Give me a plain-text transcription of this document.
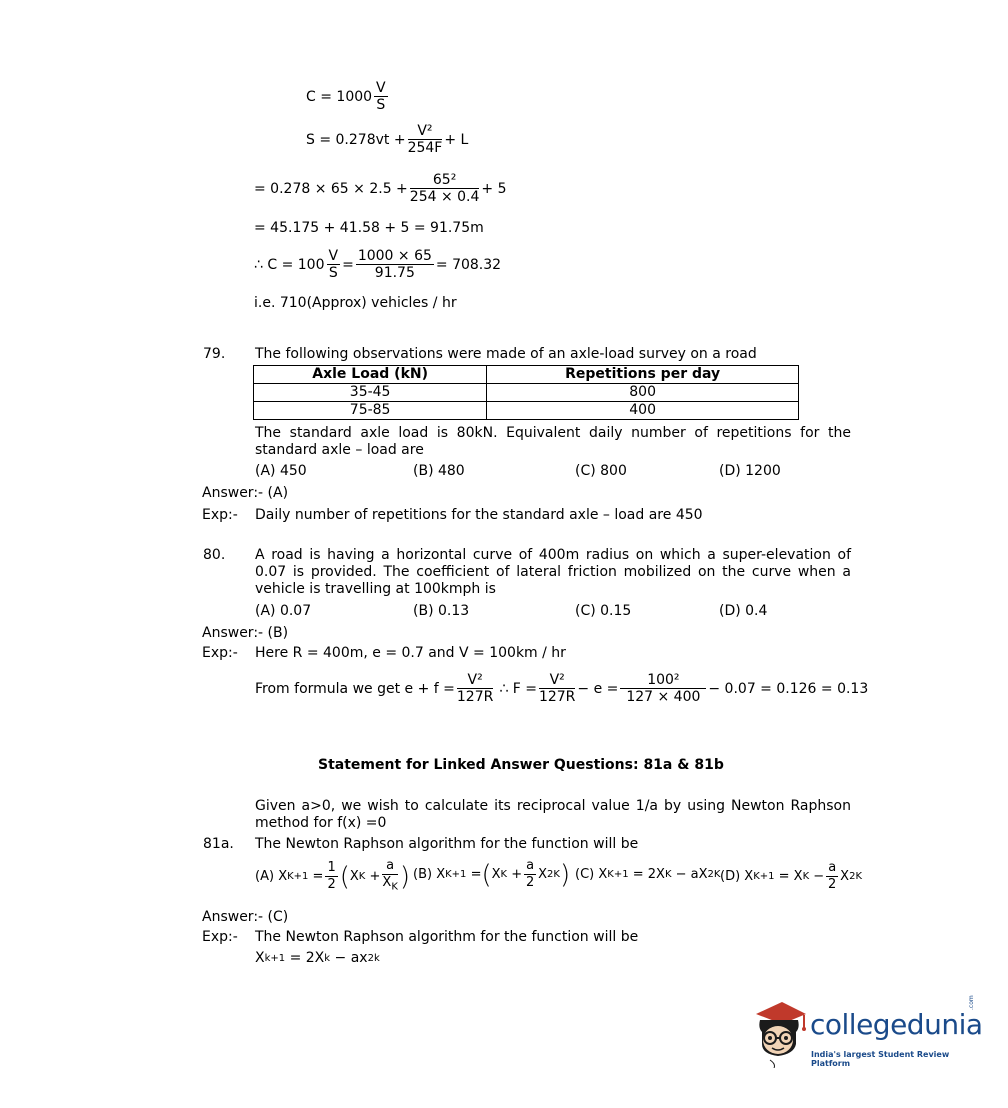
$C = 1000 \frac{V}{S}$
$S = 0.278vt + \frac{\text{V²}}{254F} + L$
= $0.278 \times 65 \times 2.5 + \frac{\text{65²}}{254 \times 0.4} + 5$
= 45.175 + 41.58 + 5 = 91.75m
∴ $C = 100 \frac{V}{S} = \frac{1000 \times 65}{91.75} = 708.32$
i.e. 710(Approx) vehicles / hr
79. The following observations were made of an axle-load survey on a road
Axle Load (kN)	Repetitions per day
35-45	800
75-85	400
The standard axle load is 80kN. Equivalent daily number of repetitions for the standard axle – load are
(A) 450	(B) 480	(C) 800	(D) 1200
Answer:- (A)
Exp:- Daily number of repetitions for the standard axle – load are 450
80. A road is having a horizontal curve of 400m radius on which a super-elevation of 0.07 is provided. The coefficient of lateral friction mobilized on the curve when a vehicle is travelling at 100kmph is
(A) 0.07	(B) 0.13	(C) 0.15	(D) 0.4
Answer:- (B)
Exp:- Here R = 400m, e = 0.7 and V = 100km / hr
From formula we get $e + f = \frac{\text{V²}}{127R}$ ∴ $F = \frac{\text{V²}}{127R} - e = \frac{\text{100²}}{127 \times 400} - 0.07 = 0.126 = 0.13$
Statement for Linked Answer Questions: 81a & 81b
Given a>0, we wish to calculate its reciprocal value 1/a by using Newton Raphson method for f(x) =0
81a. The Newton Raphson algorithm for the function will be
(A)
X K+1
= $\frac{1}{2}$ ( X K
+ $\frac{a}{X_K}$ ) (B)
X K+1
= ( X K
+ $\frac{a}{2}$ X 2 K ) (C)
X K+1
= 2X K
− aX 2 K (D)
X K+1
= X K
− $\frac{a}{2}$ X 2 K
Answer:- (C)
Exp:- The Newton Raphson algorithm for the function will be
X k+1
= 2X k
− ax 2 k
collegedunia
.com
India's largest Student Review Platform
